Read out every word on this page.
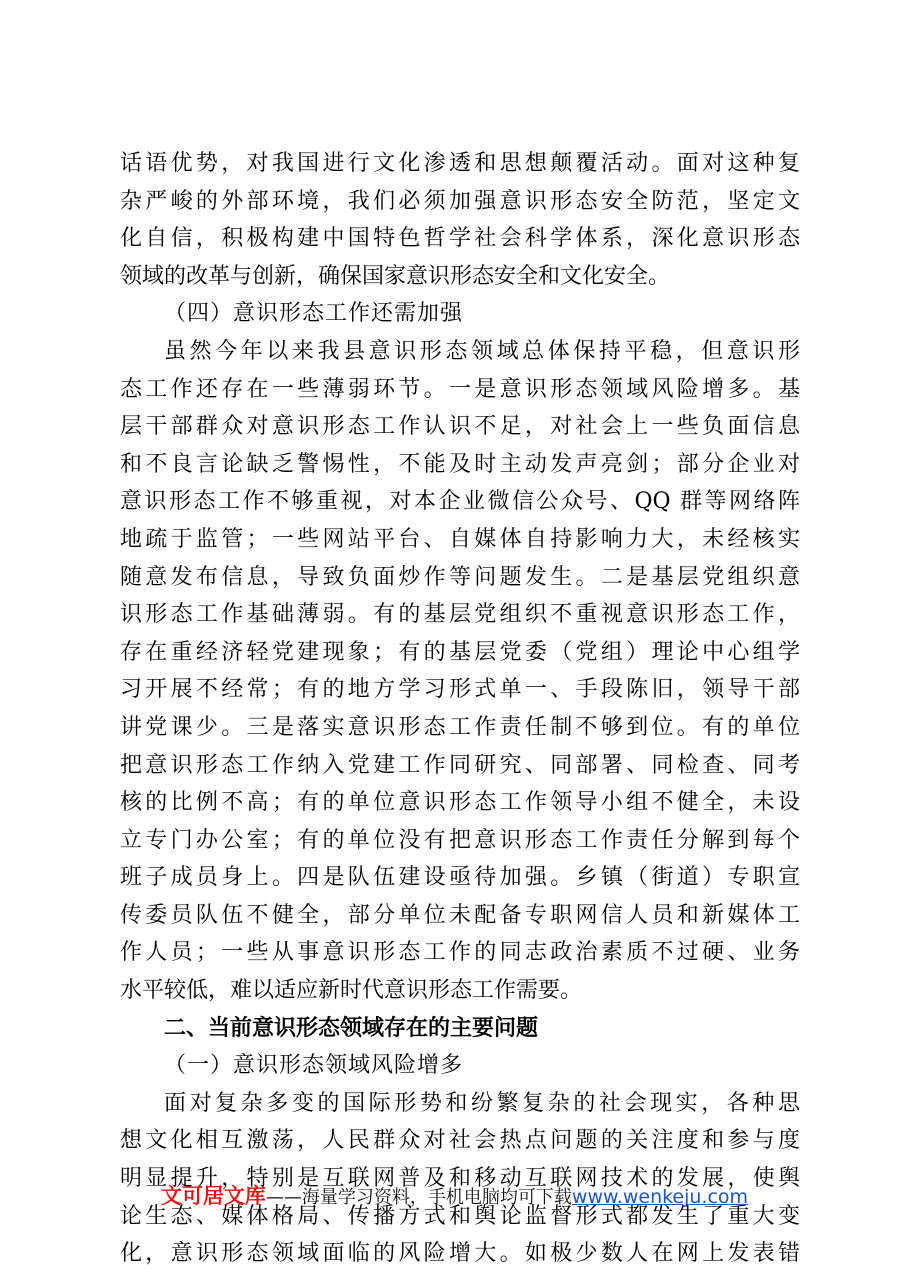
话语优势，对我国进行文化渗透和思想颠覆活动。面对这种复
杂严峻的外部环境，我们必须加强意识形态安全防范，坚定文
化自信，积极构建中国特色哲学社会科学体系，深化意识形态
领域的改革与创新，确保国家意识形态安全和文化安全。
（四）意识形态工作还需加强
虽然今年以来我县意识形态领域总体保持平稳，但意识形
态工作还存在一些薄弱环节。一是意识形态领域风险增多。基
层干部群众对意识形态工作认识不足，对社会上一些负面信息
和不良言论缺乏警惕性，不能及时主动发声亮剑；部分企业对
意识形态工作不够重视，对本企业微信公众号、QQ 群等网络阵
地疏于监管；一些网站平台、自媒体自持影响力大，未经核实
随意发布信息，导致负面炒作等问题发生。二是基层党组织意
识形态工作基础薄弱。有的基层党组织不重视意识形态工作，
存在重经济轻党建现象；有的基层党委（党组）理论中心组学
习开展不经常；有的地方学习形式单一、手段陈旧，领导干部
讲党课少。三是落实意识形态工作责任制不够到位。有的单位
把意识形态工作纳入党建工作同研究、同部署、同检查、同考
核的比例不高；有的单位意识形态工作领导小组不健全，未设
立专门办公室；有的单位没有把意识形态工作责任分解到每个
班子成员身上。四是队伍建设亟待加强。乡镇（街道）专职宣
传委员队伍不健全，部分单位未配备专职网信人员和新媒体工
作人员；一些从事意识形态工作的同志政治素质不过硬、业务
水平较低，难以适应新时代意识形态工作需要。
二、当前意识形态领域存在的主要问题
（一）意识形态领域风险增多
面对复杂多变的国际形势和纷繁复杂的社会现实，各种思
想文化相互激荡，人民群众对社会热点问题的关注度和参与度
明显提升，特别是互联网普及和移动互联网技术的发展，使舆
论生态、媒体格局、传播方式和舆论监督形式都发生了重大变
化，意识形态领域面临的风险增大。如极少数人在网上发表错
文可居文库——海量学习资料，手机电脑均可下载www.wenkeju.com
